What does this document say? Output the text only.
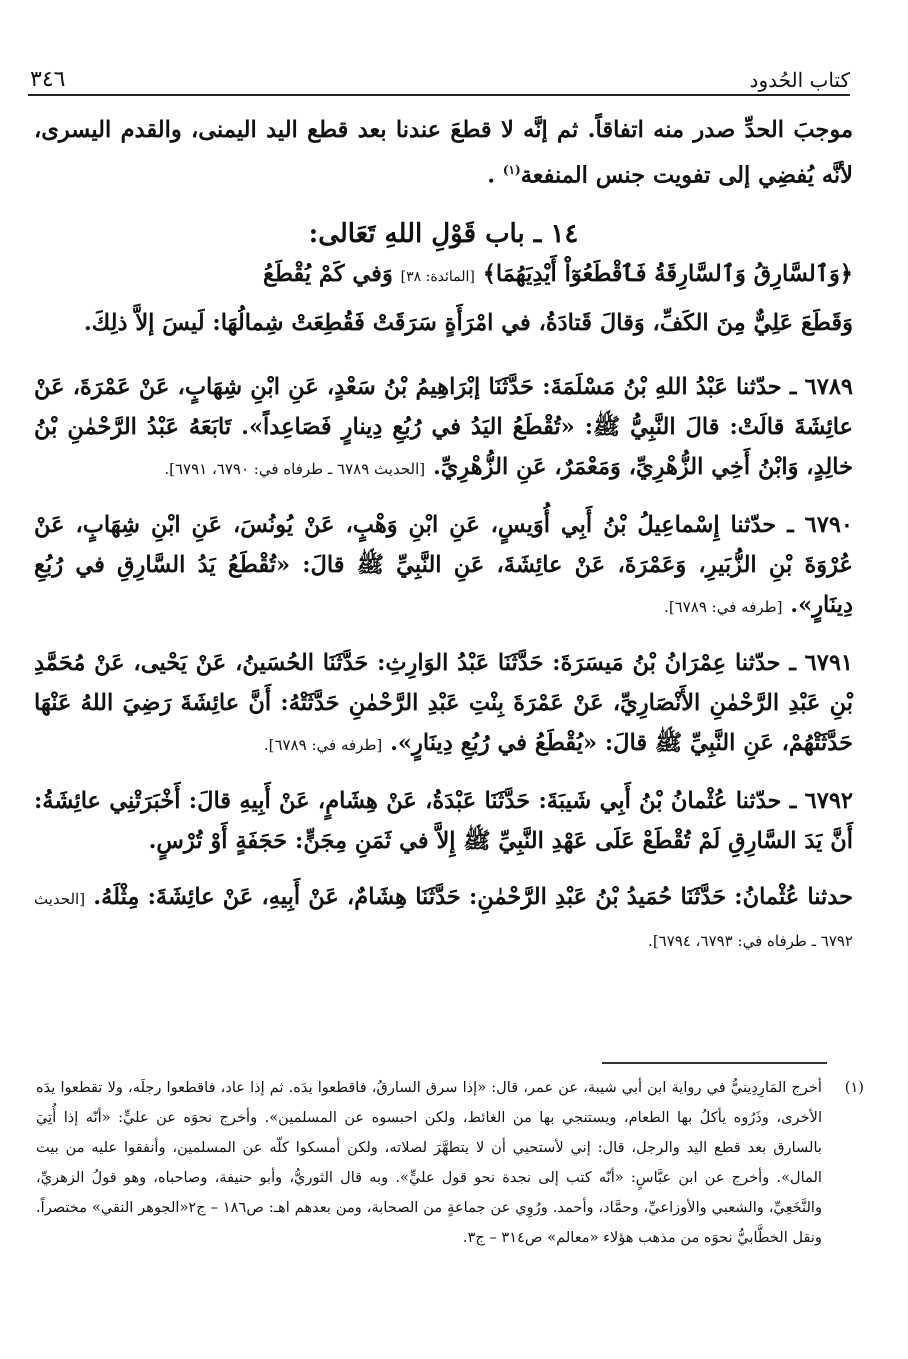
٣٤٦	كتاب الحُدود

موجبَ الحدِّ صدر منه اتفاقاً. ثم إنَّه لا قطعَ عندنا بعد قطع اليد اليمنى، والقدم اليسرى، لأنَّه يُفضِي إلى تفويت جنس المنفعة$^{(١)}$ .

١٤ ـ باب قَوْلِ اللهِ تَعَالى:

﴿وَٱلسَّارِقُ وَٱلسَّارِقَةُ فَٱقْطَعُوٓاْ أَيْدِيَهُمَا﴾ [المائدة: ٣٨] وَفي كَمْ يُقْطَعُ

وَقَطَعَ عَلِيٌّ مِنَ الكَفِّ، وَقالَ قَتادَةُ، في امْرَأَةٍ سَرَقَتْ فَقُطِعَتْ شِمالُهَا: لَيسَ إلاَّ ذلِكَ.

٦٧٨٩ ـ حدّثنا عَبْدُ اللهِ بْنُ مَسْلَمَةَ: حَدَّثَنَا إبْرَاهِيمُ بْنُ سَعْدٍ، عَنِ ابْنِ شِهَابٍ، عَنْ عَمْرَةَ، عَنْ عائِشَةَ قالَتْ: قالَ النَّبِيُّ ﷺ: «تُقْطَعُ اليَدُ في رُبُعِ دِينارٍ فَصَاعِداً». تَابَعَهُ عَبْدُ الرَّحْمٰنِ بْنُ خالِدٍ، وَابْنُ أَخِي الزُّهْرِيِّ، وَمَعْمَرٌ، عَنِ الزُّهْرِيِّ. [الحديث ٦٧٨٩ ـ طرفاه في: ٦٧٩٠، ٦٧٩١].

٦٧٩٠ ـ حدّثنا إِسْماعِيلُ بْنُ أَبِي أُوَيسٍ، عَنِ ابْنِ وَهْبٍ، عَنْ يُونُسَ، عَنِ ابْنِ شِهَابٍ، عَنْ عُرْوَةَ بْنِ الزُّبَيرِ، وَعَمْرَةَ، عَنْ عائِشَةَ، عَنِ النَّبِيِّ ﷺ قالَ: «تُقْطَعُ يَدُ السَّارِقِ في رُبُعِ دِينَارٍ». [طرفه في: ٦٧٨٩].

٦٧٩١ ـ حدّثنا عِمْرَانُ بْنُ مَيسَرَةَ: حَدَّثَنَا عَبْدُ الوَارِثِ: حَدَّثَنَا الحُسَينُ، عَنْ يَحْيى، عَنْ مُحَمَّدِ بْنِ عَبْدِ الرَّحْمٰنِ الأَنْصَارِيِّ، عَنْ عَمْرَةَ بِنْتِ عَبْدِ الرَّحْمٰنِ حَدَّثَتْهُ: أَنَّ عائِشَةَ رَضِيَ اللهُ عَنْهَا حَدَّثَتْهُمْ، عَنِ النَّبِيِّ ﷺ قالَ: «يُقْطَعُ في رُبُعِ دِينَارٍ». [طرفه في: ٦٧٨٩].

٦٧٩٢ ـ حدّثنا عُثْمانُ بْنُ أَبِي شَيبَةَ: حَدَّثَنَا عَبْدَةُ، عَنْ هِشَامٍ، عَنْ أَبِيهِ قالَ: أَخْبَرَتْنِي عائِشَةُ: أَنَّ يَدَ السَّارِقِ لَمْ تُقْطَعْ عَلَى عَهْدِ النَّبِيِّ ﷺ إِلاَّ في ثَمَنِ مِجَنٍّ: حَجَفَةٍ أَوْ تُرْسٍ.

حدثنا عُثْمانُ: حَدَّثَنَا حُمَيدُ بْنُ عَبْدِ الرَّحْمٰنِ: حَدَّثَنَا هِشَامٌ، عَنْ أَبِيهِ، عَنْ عائِشَةَ: مِثْلَهُ. [الحديث ٦٧٩٢ ـ طرفاه في: ٦٧٩٣، ٦٧٩٤].

(١)
أخرج المَارِدِينيُّ في رواية ابن أبي شيبة، عن عمر، قال: «إذا سرق السارقُ، فاقطعوا يدَه. ثم إذا عاد، فاقطعوا رجلَه، ولا تقطعوا يدَه الأخرى، وذَرُوه يأكلُ بها الطعام، ويستنجي بها من الغائط، ولكن احبسوه عن المسلمين». وأخرج نحوَه عن عليٍّ: «أنّه إذا أُتِيَ بالسارق بعد قطع اليد والرجل، قال: إني لأستحيي أن لا يتطهَّرَ لصلاته، ولكن أمسكوا كلّه عن المسلمين، وأنفقوا عليه من بيت المال». وأخرج عن ابن عبَّاسٍ: «أنّه كتب إلى نجدة نحو قول عليٍّ». وبه قال الثوريُّ، وأبو حنيفة، وصاحباه، وهو قولُ الزهريِّ، والنَّخَعِيِّ، والشعبي والأوزاعيِّ، وحمَّاد، وأحمد. ورُوِي عن جماعةٍ من الصحابة، ومن بعدهم اهـ: ص١٨٦ – ج٢«الجوهر النقي» مختصراً. ونقل الخطَّابيُّ نحوَه من مذهب هؤلاء «معالم» ص٣١٤ – ج٣.
